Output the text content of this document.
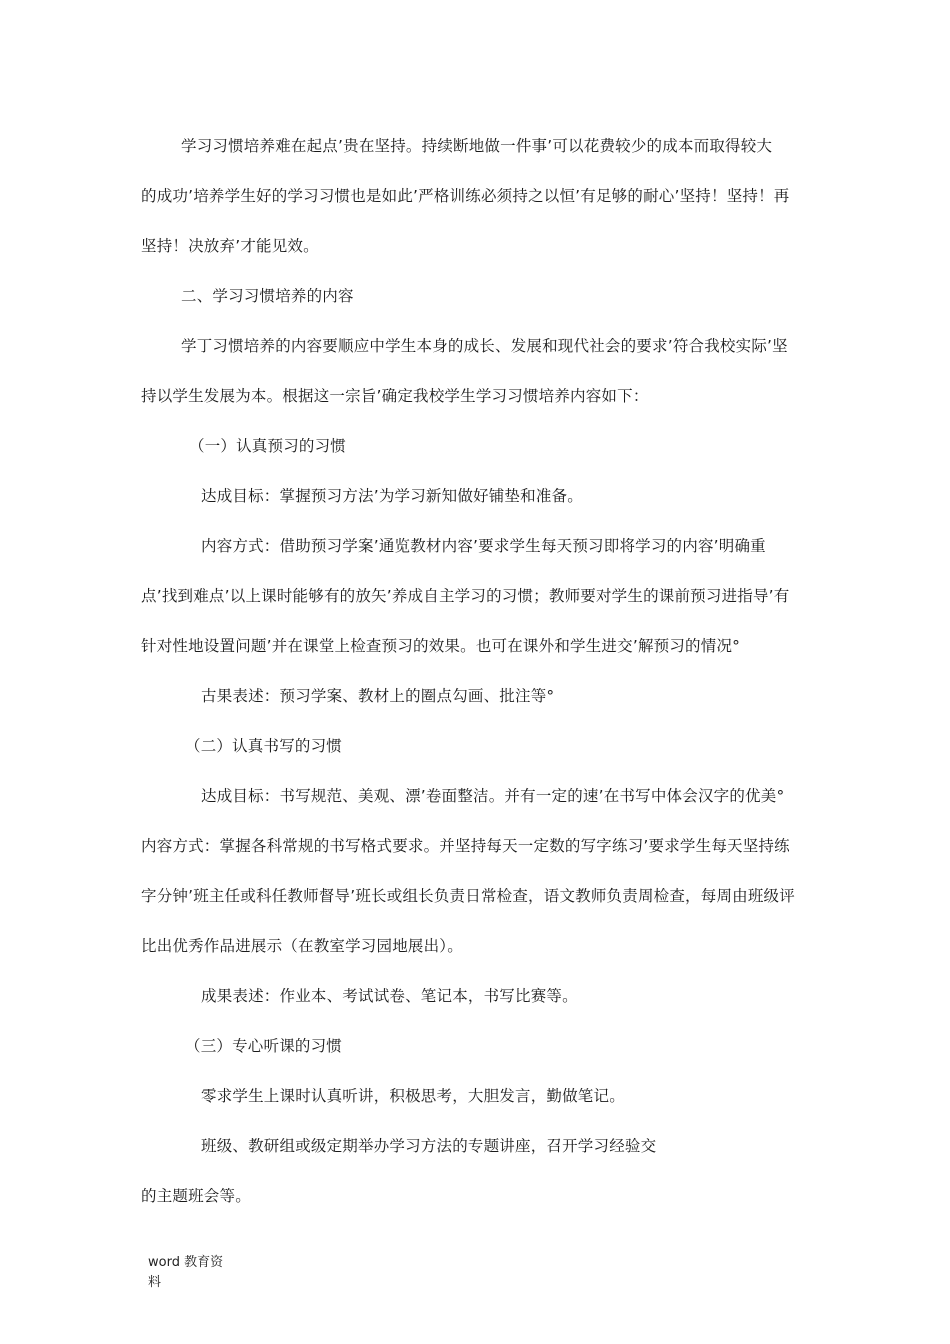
学习习惯培养难在起点’贵在坚持。持续断地做一件事’可以花费较少的成本而取得较大
的成功’培养学生好的学习习惯也是如此’严格训练必须持之以恒’有足够的耐心’坚持！坚持！再
坚持！决放弃’才能见效。
二、学习习惯培养的内容
学丁习惯培养的内容要顺应中学生本身的成长、发展和现代社会的要求’符合我校实际’坚
持以学生发展为本。根据这一宗旨’确定我校学生学习习惯培养内容如下：
（一）认真预习的习惯
达成目标：掌握预习方法’为学习新知做好铺垫和准备。
内容方式：借助预习学案’通览教材内容’要求学生每天预习即将学习的内容’明确重
点’找到难点’以上课时能够有的放矢’养成自主学习的习惯；教师要对学生的课前预习进指导’有
针对性地设置问题’并在课堂上检查预习的效果。也可在课外和学生进交’解预习的情况°
古果表述：预习学案、教材上的圈点勾画、批注等°
（二）认真书写的习惯
达成目标：书写规范、美观、漂’卷面整洁。并有一定的速’在书写中体会汉字的优美°
内容方式：掌握各科常规的书写格式要求。并坚持每天一定数的写字练习’要求学生每天坚持练
字分钟’班主任或科任教师督导’班长或组长负责日常检查，语文教师负责周检查，每周由班级评
比出优秀作品进展示（在教室学习园地展出）。
成果表述：作业本、考试试卷、笔记本，书写比赛等。
（三）专心听课的习惯
零求学生上课时认真听讲，积极思考，大胆发言，勤做笔记。
班级、教研组或级定期举办学习方法的专题讲座，召开学习经验交
的主题班会等。
word 教育资
料
